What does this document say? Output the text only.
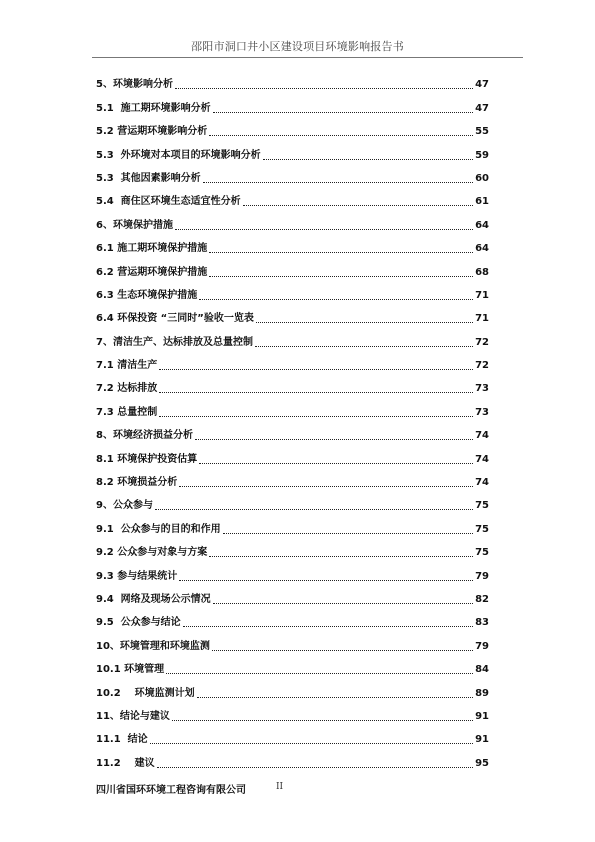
邵阳市洞口井小区建设项目环境影响报告书
5、环境影响分析	47
5.1  施工期环境影响分析	47
5.2 营运期环境影响分析	55
5.3  外环境对本项目的环境影响分析	59
5.3  其他因素影响分析	60
5.4  商住区环境生态适宜性分析	61
6、环境保护措施	64
6.1 施工期环境保护措施	64
6.2 营运期环境保护措施	68
6.3 生态环境保护措施	71
6.4 环保投资 “三同时”验收一览表	71
7、清洁生产、达标排放及总量控制	72
7.1 清洁生产	72
7.2 达标排放	73
7.3 总量控制	73
8、环境经济损益分析	74
8.1 环境保护投资估算	74
8.2 环境损益分析	74
9、公众参与	75
9.1  公众参与的目的和作用	75
9.2 公众参与对象与方案	75
9.3 参与结果统计	79
9.4  网络及现场公示情况	82
9.5  公众参与结论	83
10、环境管理和环境监测	79
10.1 环境管理	84
10.2    环境监测计划	89
11、结论与建议	91
11.1  结论	91
11.2    建议	95
四川省国环环境工程咨询有限公司	II
